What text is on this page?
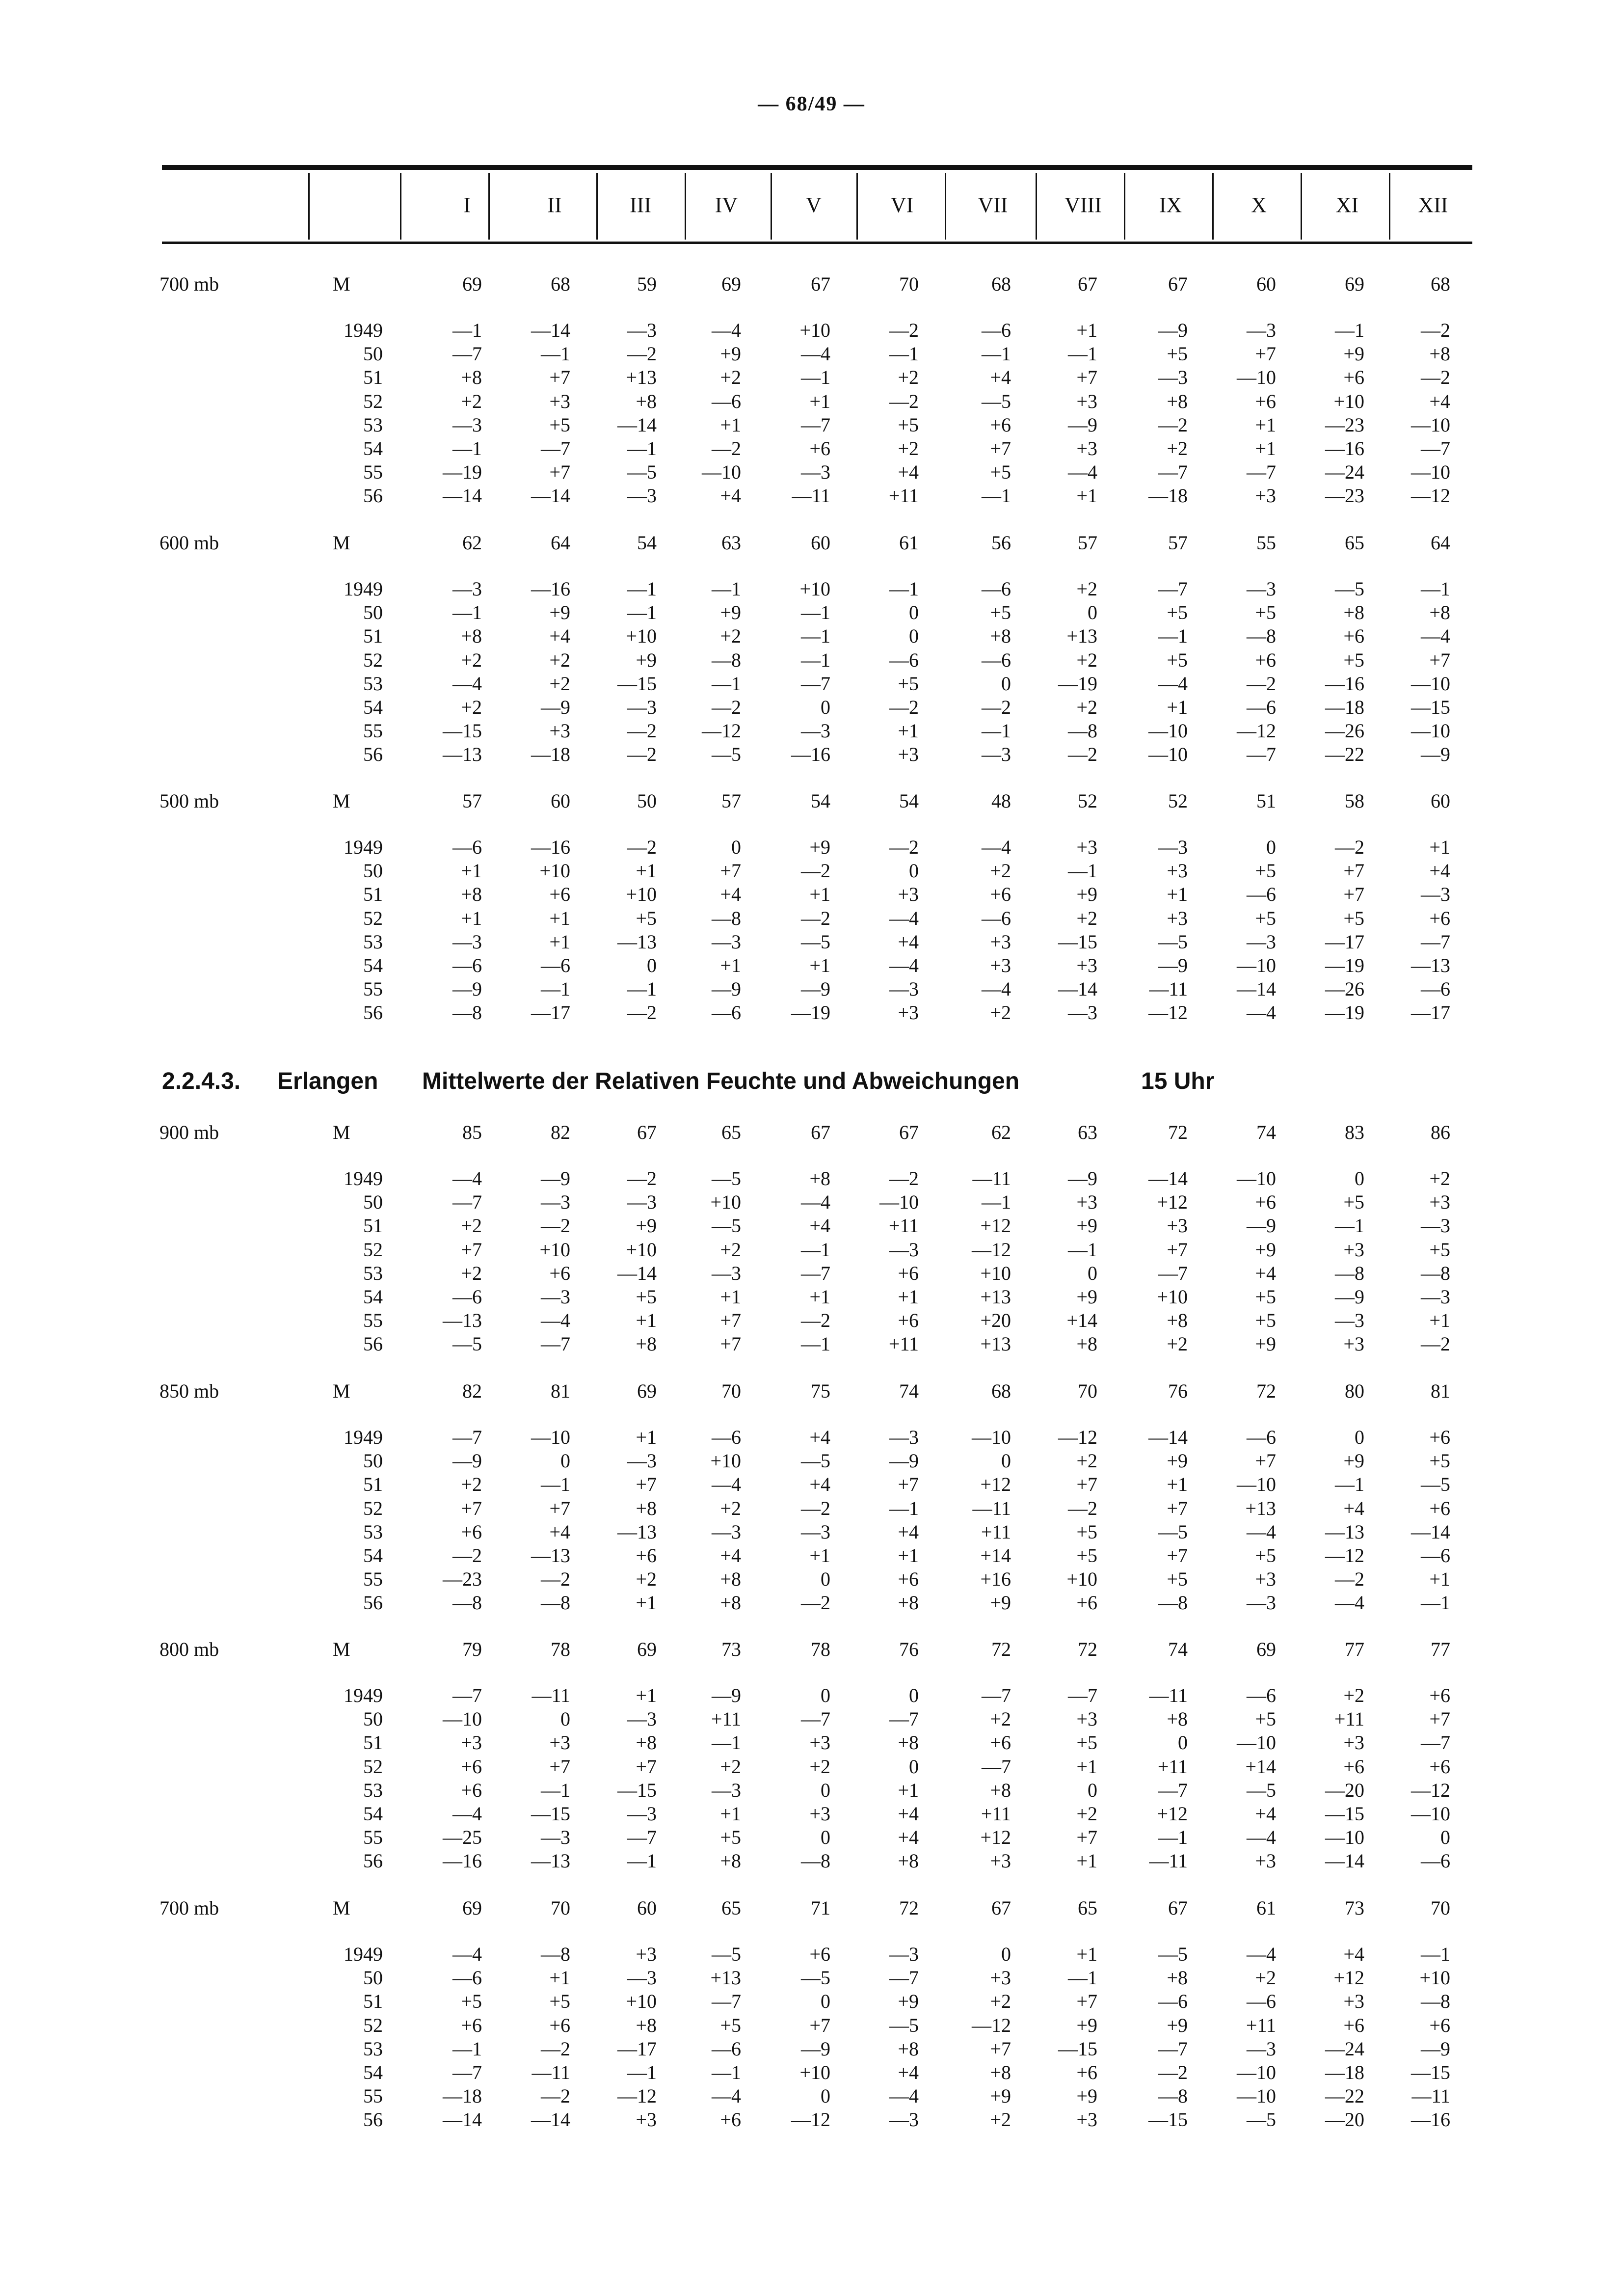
— 68/49 —
I	II	III	IV	V	VI	VII	VIII	IX	X	XI	XII
700 mb	M	69	68	59	69	67	70	68	67	67	60	69	68
1949	—1	—14	—3	—4	+10	—2	—6	+1	—9	—3	—1	—2
50	—7	—1	—2	+9	—4	—1	—1	—1	+5	+7	+9	+8
51	+8	+7	+13	+2	—1	+2	+4	+7	—3	—10	+6	—2
52	+2	+3	+8	—6	+1	—2	—5	+3	+8	+6	+10	+4
53	—3	+5	—14	+1	—7	+5	+6	—9	—2	+1	—23	—10
54	—1	—7	—1	—2	+6	+2	+7	+3	+2	+1	—16	—7
55	—19	+7	—5	—10	—3	+4	+5	—4	—7	—7	—24	—10
56	—14	—14	—3	+4	—11	+11	—1	+1	—18	+3	—23	—12
600 mb	M	62	64	54	63	60	61	56	57	57	55	65	64
1949	—3	—16	—1	—1	+10	—1	—6	+2	—7	—3	—5	—1
50	—1	+9	—1	+9	—1	0	+5	0	+5	+5	+8	+8
51	+8	+4	+10	+2	—1	0	+8	+13	—1	—8	+6	—4
52	+2	+2	+9	—8	—1	—6	—6	+2	+5	+6	+5	+7
53	—4	+2	—15	—1	—7	+5	0	—19	—4	—2	—16	—10
54	+2	—9	—3	—2	0	—2	—2	+2	+1	—6	—18	—15
55	—15	+3	—2	—12	—3	+1	—1	—8	—10	—12	—26	—10
56	—13	—18	—2	—5	—16	+3	—3	—2	—10	—7	—22	—9
500 mb	M	57	60	50	57	54	54	48	52	52	51	58	60
1949	—6	—16	—2	0	+9	—2	—4	+3	—3	0	—2	+1
50	+1	+10	+1	+7	—2	0	+2	—1	+3	+5	+7	+4
51	+8	+6	+10	+4	+1	+3	+6	+9	+1	—6	+7	—3
52	+1	+1	+5	—8	—2	—4	—6	+2	+3	+5	+5	+6
53	—3	+1	—13	—3	—5	+4	+3	—15	—5	—3	—17	—7
54	—6	—6	0	+1	+1	—4	+3	+3	—9	—10	—19	—13
55	—9	—1	—1	—9	—9	—3	—4	—14	—11	—14	—26	—6
56	—8	—17	—2	—6	—19	+3	+2	—3	—12	—4	—19	—17
2.2.4.3. Erlangen Mittelwerte der Relativen Feuchte und Abweichungen	15 Uhr
900 mb	M	85	82	67	65	67	67	62	63	72	74	83	86
1949	—4	—9	—2	—5	+8	—2	—11	—9	—14	—10	0	+2
50	—7	—3	—3	+10	—4	—10	—1	+3	+12	+6	+5	+3
51	+2	—2	+9	—5	+4	+11	+12	+9	+3	—9	—1	—3
52	+7	+10	+10	+2	—1	—3	—12	—1	+7	+9	+3	+5
53	+2	+6	—14	—3	—7	+6	+10	0	—7	+4	—8	—8
54	—6	—3	+5	+1	+1	+1	+13	+9	+10	+5	—9	—3
55	—13	—4	+1	+7	—2	+6	+20	+14	+8	+5	—3	+1
56	—5	—7	+8	+7	—1	+11	+13	+8	+2	+9	+3	—2
850 mb	M	82	81	69	70	75	74	68	70	76	72	80	81
1949	—7	—10	+1	—6	+4	—3	—10	—12	—14	—6	0	+6
50	—9	0	—3	+10	—5	—9	0	+2	+9	+7	+9	+5
51	+2	—1	+7	—4	+4	+7	+12	+7	+1	—10	—1	—5
52	+7	+7	+8	+2	—2	—1	—11	—2	+7	+13	+4	+6
53	+6	+4	—13	—3	—3	+4	+11	+5	—5	—4	—13	—14
54	—2	—13	+6	+4	+1	+1	+14	+5	+7	+5	—12	—6
55	—23	—2	+2	+8	0	+6	+16	+10	+5	+3	—2	+1
56	—8	—8	+1	+8	—2	+8	+9	+6	—8	—3	—4	—1
800 mb	M	79	78	69	73	78	76	72	72	74	69	77	77
1949	—7	—11	+1	—9	0	0	—7	—7	—11	—6	+2	+6
50	—10	0	—3	+11	—7	—7	+2	+3	+8	+5	+11	+7
51	+3	+3	+8	—1	+3	+8	+6	+5	0	—10	+3	—7
52	+6	+7	+7	+2	+2	0	—7	+1	+11	+14	+6	+6
53	+6	—1	—15	—3	0	+1	+8	0	—7	—5	—20	—12
54	—4	—15	—3	+1	+3	+4	+11	+2	+12	+4	—15	—10
55	—25	—3	—7	+5	0	+4	+12	+7	—1	—4	—10	0
56	—16	—13	—1	+8	—8	+8	+3	+1	—11	+3	—14	—6
700 mb	M	69	70	60	65	71	72	67	65	67	61	73	70
1949	—4	—8	+3	—5	+6	—3	0	+1	—5	—4	+4	—1
50	—6	+1	—3	+13	—5	—7	+3	—1	+8	+2	+12	+10
51	+5	+5	+10	—7	0	+9	+2	+7	—6	—6	+3	—8
52	+6	+6	+8	+5	+7	—5	—12	+9	+9	+11	+6	+6
53	—1	—2	—17	—6	—9	+8	+7	—15	—7	—3	—24	—9
54	—7	—11	—1	—1	+10	+4	+8	+6	—2	—10	—18	—15
55	—18	—2	—12	—4	0	—4	+9	+9	—8	—10	—22	—11
56	—14	—14	+3	+6	—12	—3	+2	+3	—15	—5	—20	—16
